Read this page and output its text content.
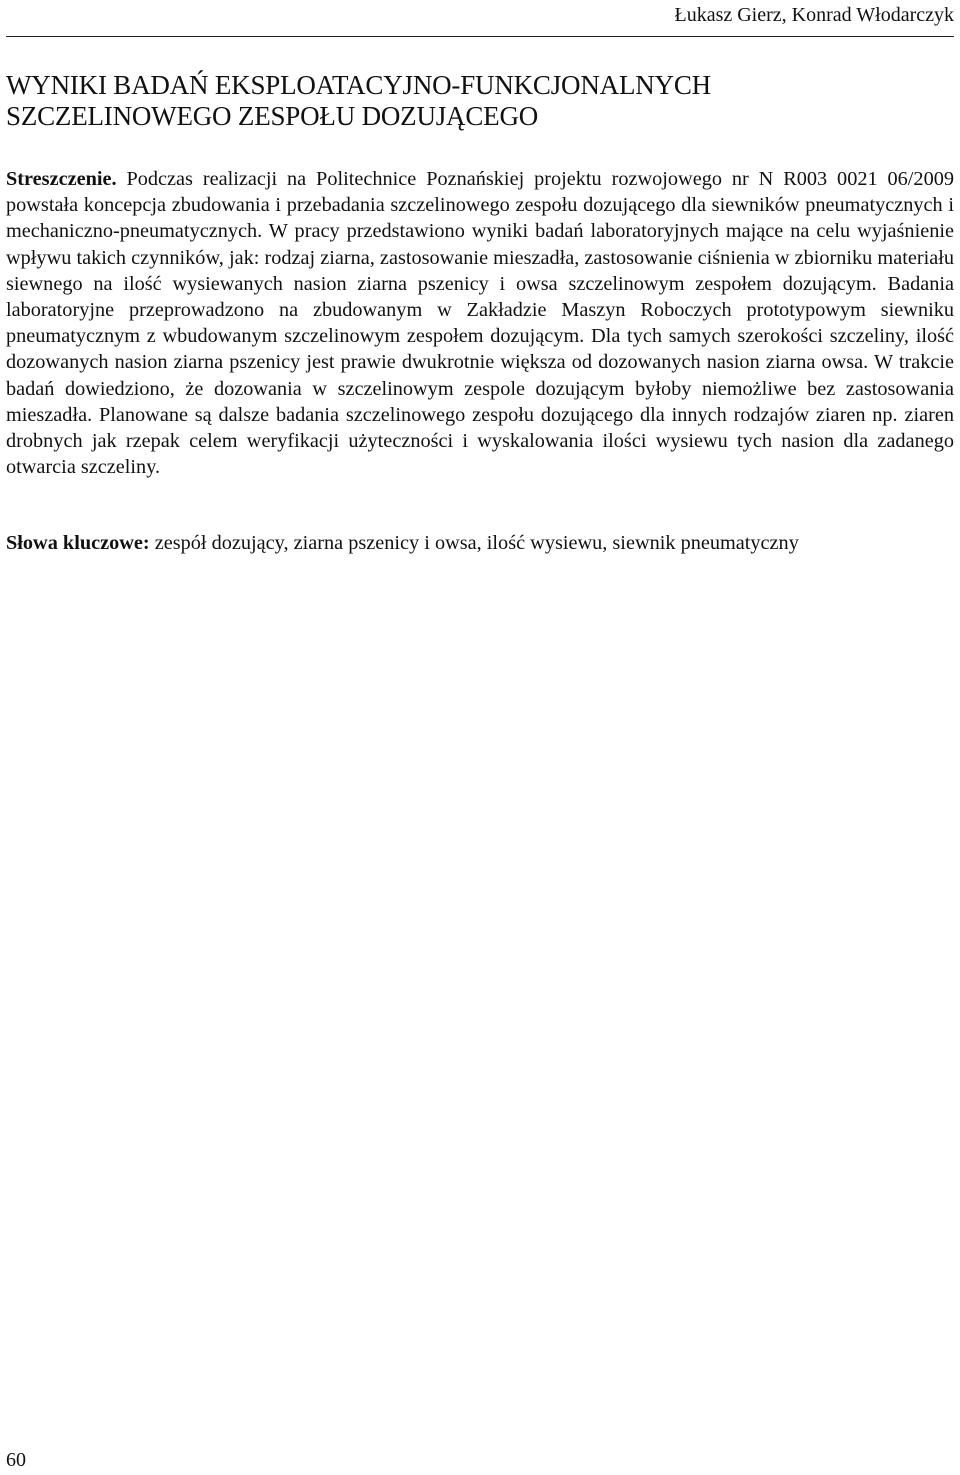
Łukasz Gierz, Konrad Włodarczyk
WYNIKI BADAŃ EKSPLOATACYJNO-FUNKCJONALNYCH
SZCZELINOWEGO ZESPOŁU DOZUJĄCEGO

Streszczenie. Podczas realizacji na Politechnice Poznańskiej projektu rozwojowego nr N R003 0021 06/2009 powstała koncepcja zbudowania i przebadania szczelinowego zespołu dozującego dla siewników pneumatycznych i mechaniczno-pneumatycznych. W pracy przedstawiono wyniki badań laboratoryjnych mające na celu wyjaśnienie wpływu takich czynników, jak: rodzaj ziarna, zastosowanie mieszadła, zastosowanie ciśnienia w zbiorniku materiału siewnego na ilość wysiewanych nasion ziarna pszenicy i owsa szczelinowym zespołem dozującym. Badania laboratoryjne przeprowadzono na zbudowanym w Zakładzie Maszyn Roboczych prototypowym siewniku pneumatycznym z wbudowanym szczelinowym zespołem dozującym. Dla tych samych szerokości szczeliny, ilość dozowanych nasion ziarna pszenicy jest prawie dwukrotnie większa od dozowanych nasion ziarna owsa. W trakcie badań dowiedziono, że dozowania w szczelinowym zespole dozującym byłoby niemożliwe bez zastosowania mieszadła. Planowane są dalsze badania szczelinowego zespołu dozującego dla innych rodzajów ziaren np. ziaren drobnych jak rzepak celem weryfikacji użyteczności i wyskalowania ilości wysiewu tych nasion dla zadanego otwarcia szczeliny.

Słowa kluczowe: zespół dozujący, ziarna pszenicy i owsa, ilość wysiewu, siewnik pneumatyczny

60
